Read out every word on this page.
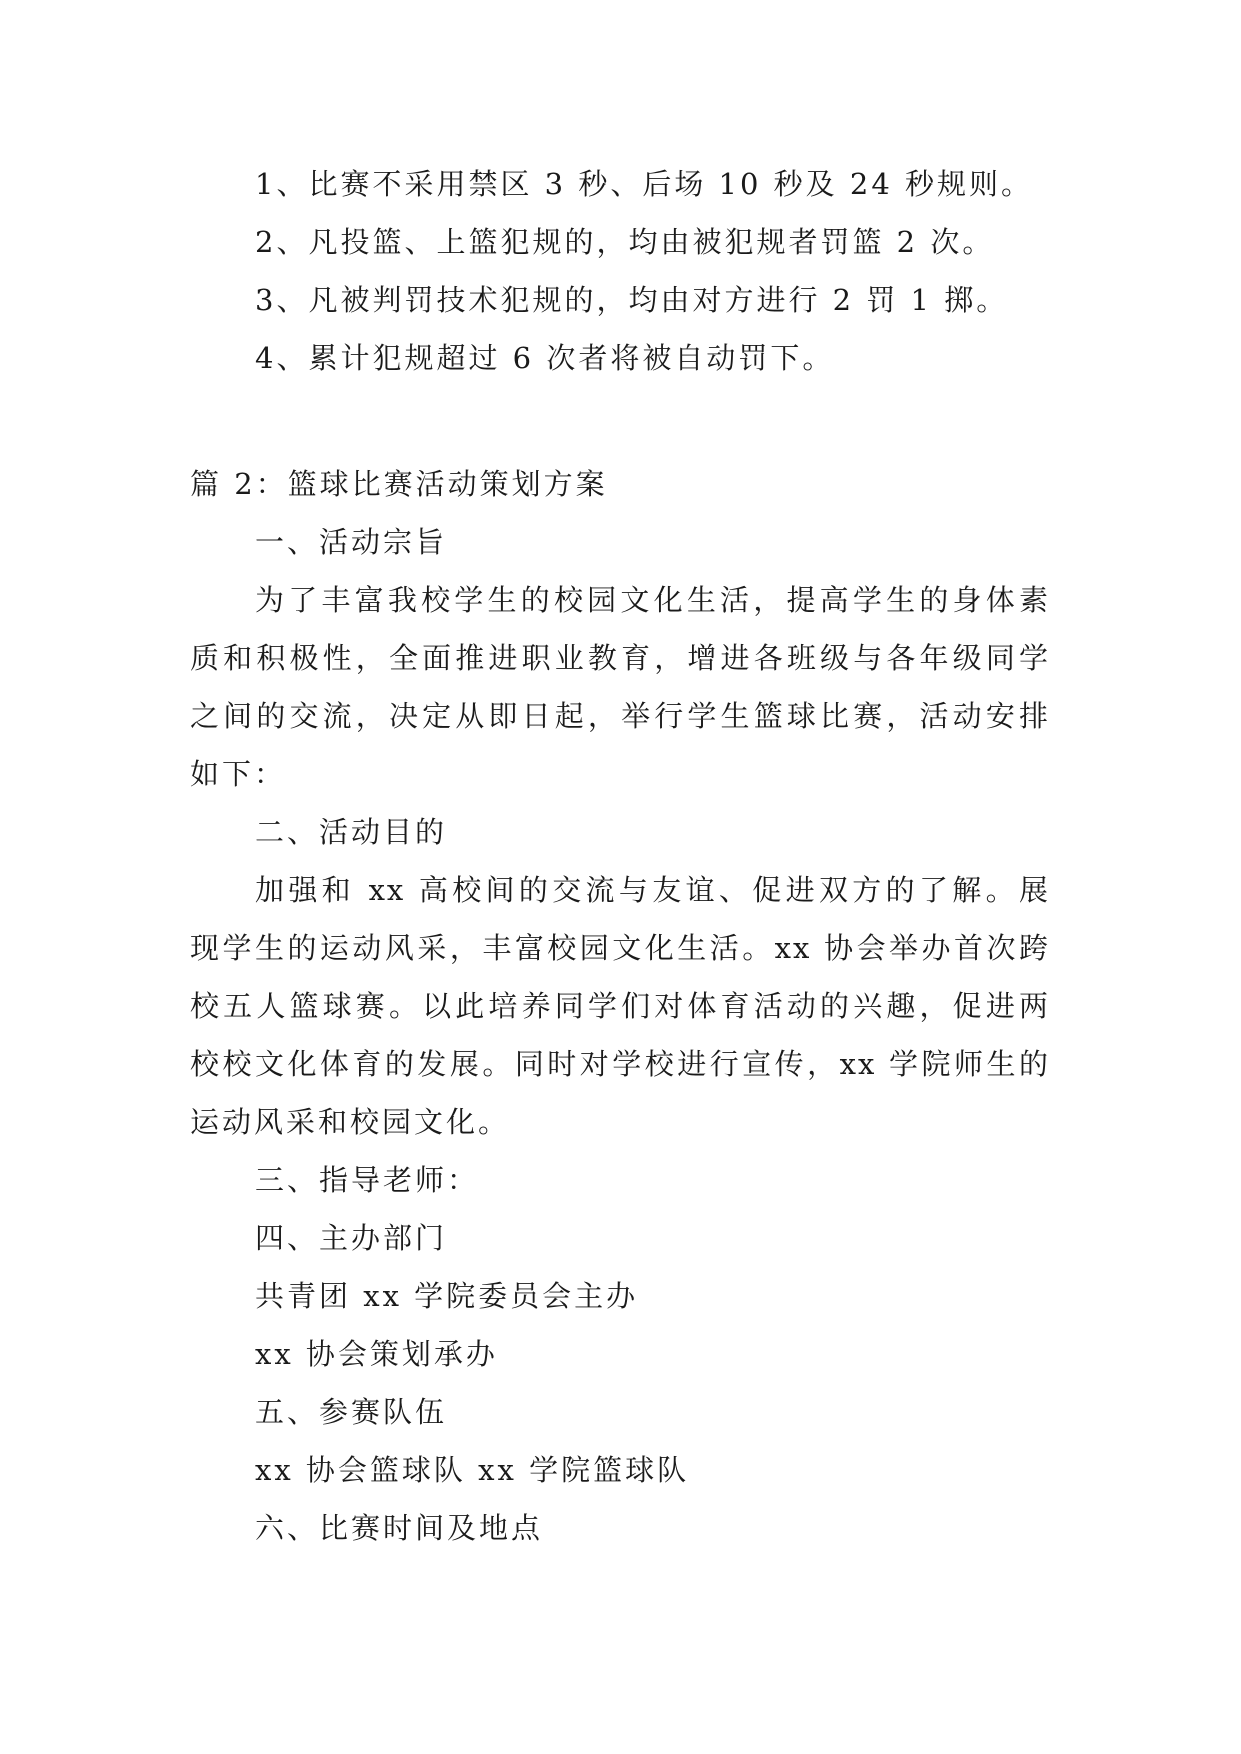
1、比赛不采用禁区 3 秒、后场 10 秒及 24 秒规则。
2、凡投篮、上篮犯规的，均由被犯规者罚篮 2 次。
3、凡被判罚技术犯规的，均由对方进行 2 罚 1 掷。
4、累计犯规超过 6 次者将被自动罚下。
篇 2：篮球比赛活动策划方案
一、活动宗旨
为了丰富我校学生的校园文化生活，提高学生的身体素
质和积极性，全面推进职业教育，增进各班级与各年级同学
之间的交流，决定从即日起，举行学生篮球比赛，活动安排
如下：
二、活动目的
加强和 xx 高校间的交流与友谊、促进双方的了解。展
现学生的运动风采，丰富校园文化生活。xx 协会举办首次跨
校五人篮球赛。以此培养同学们对体育活动的兴趣，促进两
校校文化体育的发展。同时对学校进行宣传，xx 学院师生的
运动风采和校园文化。
三、指导老师：
四、主办部门
共青团 xx 学院委员会主办
xx 协会策划承办
五、参赛队伍
xx 协会篮球队 xx 学院篮球队
六、比赛时间及地点
